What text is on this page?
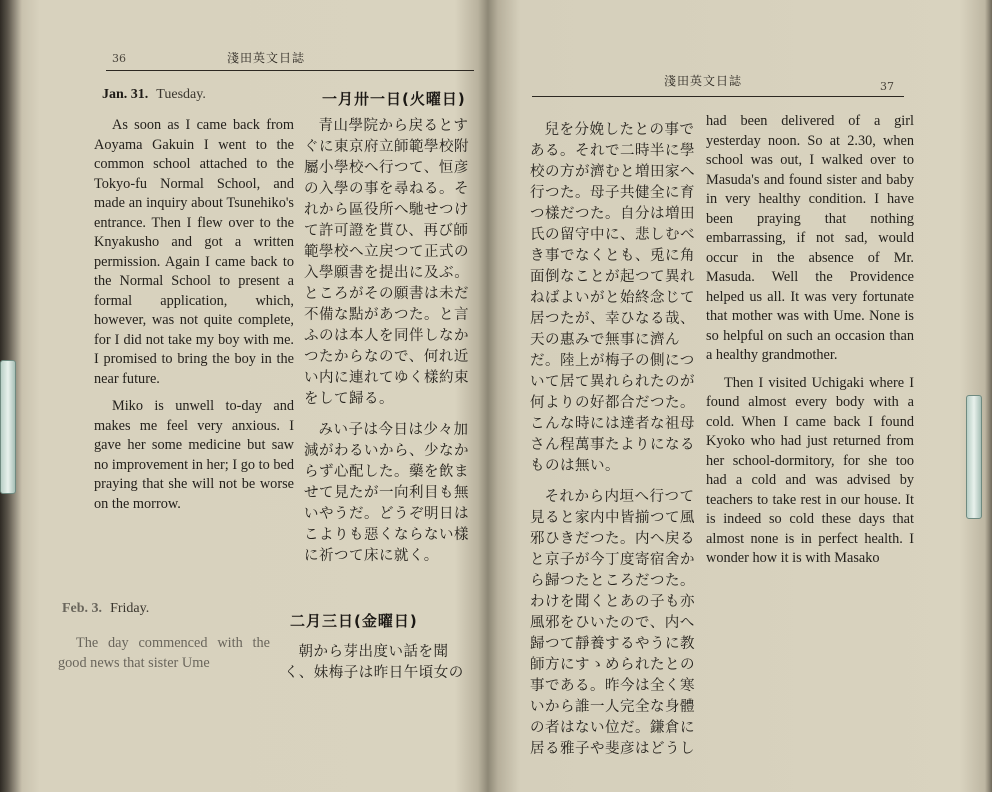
36	淺田英文日誌
Jan. 31. Tuesday.

As soon as I came back from Aoyama Gakuin I went to the common school attached to the Tokyo-fu Normal School, and made an inquiry about Tsunehiko's entrance. Then I flew over to the Knyakusho and got a written permission. Again I came back to the Normal School to present a formal application, which, however, was not quite complete, for I did not take my boy with me. I promised to bring the boy in the near future.

Miko is unwell to-day and makes me feel very anxious. I gave her some medicine but saw no improvement in her; I go to bed praying that she will not be worse on the morrow.

一月卅一日(火曜日)

青山學院から戻るとすぐに東京府立師範學校附屬小學校へ行つて、恒彦の入學の事を尋ねる。それから區役所へ馳せつけて許可證を貰ひ、再び師範學校へ立戻つて正式の入學願書を提出に及ぶ。ところがその願書は未だ不備な點があつた。と言ふのは本人を同伴しなかつたからなので、何れ近い内に連れてゆく樣約束をして歸る。

みい子は今日は少々加減がわるいから、少なからず心配した。藥を飲ませて見たが一向利目も無いやうだ。どうぞ明日はこよりも惡くならない樣に祈つて床に就く。

Feb. 3. Friday.

The day commenced with the good news that sister Ume

二月三日(金曜日)

朝から芽出度い話を聞く、妹梅子は昨日午頃女の

淺田英文日誌	37

兒を分娩したとの事である。それで二時半に學校の方が濟むと増田家へ行つた。母子共健全に育つ樣だつた。自分は増田氏の留守中に、悲しむべき事でなくとも、兎に角面倒なことが起つて異れねばよいがと始終念じて居つたが、幸ひなる哉、天の惠みで無事に濟んだ。陸上が梅子の側について居て異れられたのが何よりの好都合だつた。こんな時には達者な祖母さん程萬事たよりになるものは無い。

それから内垣へ行つて見ると家内中皆揃つて風邪ひきだつた。内へ戻ると京子が今丁度寄宿舍から歸つたところだつた。わけを聞くとあの子も亦風邪をひいたので、内へ歸つて靜養するやうに教師方にすゝめられたとの事である。昨今は全く寒いから誰一人完全な身體の者はない位だ。鎌倉に居る雅子や斐彦はどうし

had been delivered of a girl yesterday noon. So at 2.30, when school was out, I walked over to Masuda's and found sister and baby in very healthy condition. I have been praying that nothing embarrassing, if not sad, would occur in the absence of Mr. Masuda. Well the Providence helped us all. It was very fortunate that mother was with Ume. None is so helpful on such an occasion than a healthy grandmother.

Then I visited Uchigaki where I found almost every body with a cold. When I came back I found Kyoko who had just returned from her school-dormitory, for she too had a cold and was advised by teachers to take rest in our house. It is indeed so cold these days that almost none is in perfect health. I wonder how it is with Masako
